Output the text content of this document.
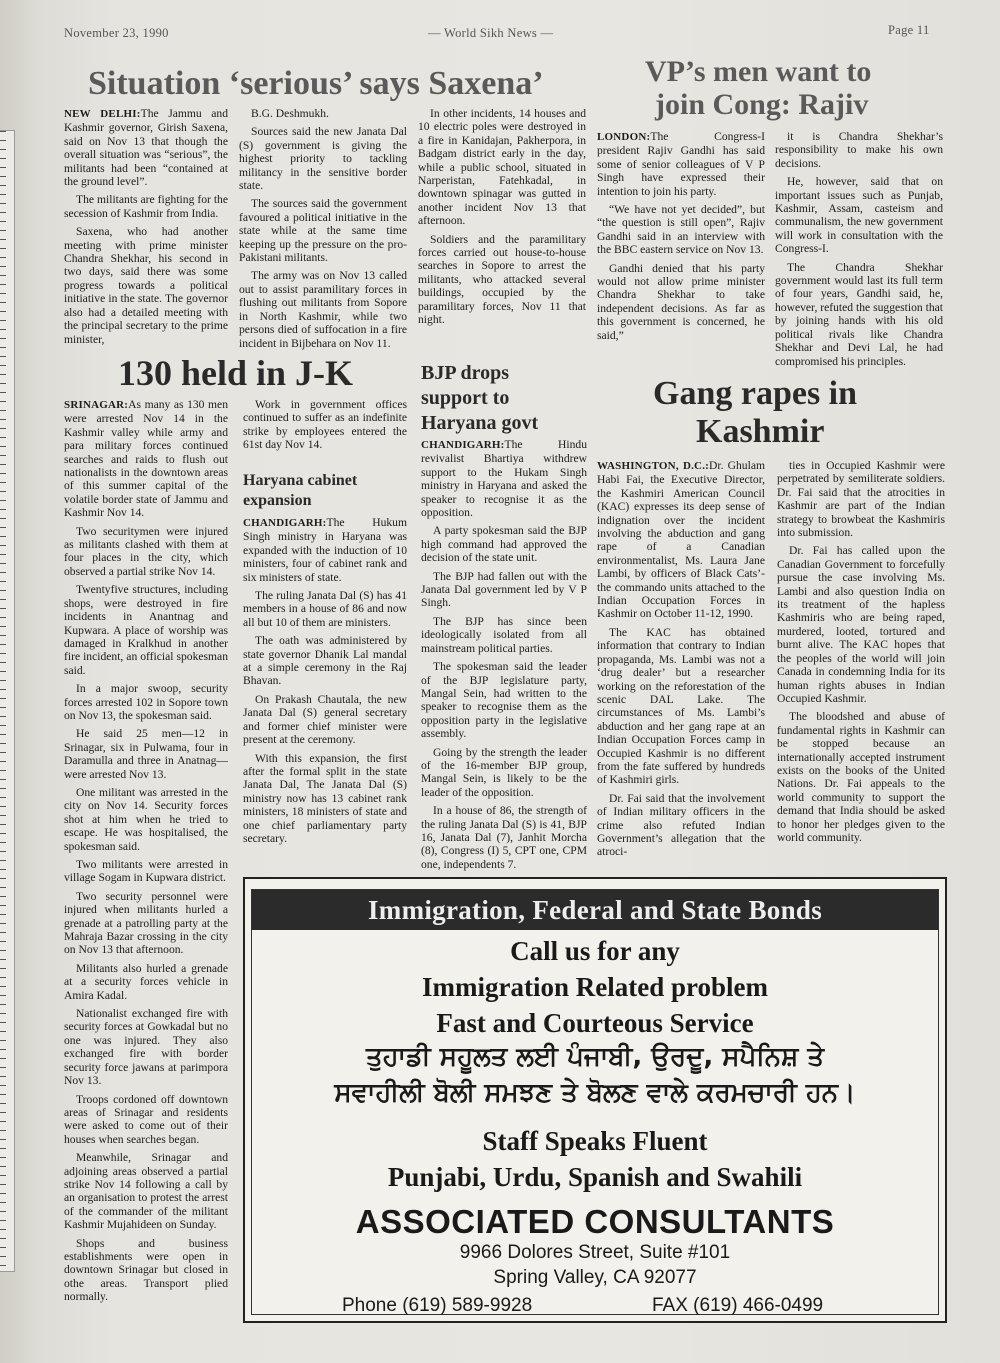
November 23, 1990	— World Sikh News —	Page 11
Situation ‘serious’ says Saxena’

NEW DELHI:The Jammu and Kashmir governor, Girish Saxena, said on Nov 13 that though the overall situation was “serious”, the militants had been “contained at the ground level”.

The militants are fighting for the secession of Kashmir from India.

Saxena, who had another meeting with prime minister Chandra Shekhar, his second in two days, said there was some progress towards a political initiative in the state. The governor also had a detailed meeting with the principal secretary to the prime minister,

B.G. Deshmukh.

Sources said the new Janata Dal (S) government is giving the highest priority to tackling militancy in the sensitive border state.

The sources said the government favoured a political initiative in the state while at the same time keeping up the pressure on the pro-Pakistani militants.

The army was on Nov 13 called out to assist paramilitary forces in flushing out militants from Sopore in North Kashmir, while two persons died of suffocation in a fire incident in Bijbehara on Nov 11.

In other incidents, 14 houses and 10 electric poles were destroyed in a fire in Kanidajan, Pakherpora, in Badgam district early in the day, while a public school, situated in Narperistan, Fatehkadal, in downtown spinagar was gutted in another incident Nov 13 that afternoon.

Soldiers and the paramilitary forces carried out house-to-house searches in Sopore to arrest the militants, who attacked several buildings, occupied by the paramilitary forces, Nov 11 that night.

VP’s men want to
join Cong: Rajiv

LONDON:The Congress-I president Rajiv Gandhi has said some of senior colleagues of V P Singh have expressed their intention to join his party.

“We have not yet decided”, but “the question is still open”, Rajiv Gandhi said in an interview with the BBC eastern service on Nov 13.

Gandhi denied that his party would not allow prime minister Chandra Shekhar to take independent decisions. As far as this government is concerned, he said,”

it is Chandra Shekhar’s responsibility to make his own decisions.

He, however, said that on important issues such as Punjab, Kashmir, Assam, casteism and communalism, the new government will work in consultation with the Congress-I.

The Chandra Shekhar government would last its full term of four years, Gandhi said, he, however, refuted the suggestion that by joining hands with his old political rivals like Chandra Shekhar and Devi Lal, he had compromised his principles.

130 held in J-K

SRINAGAR:As many as 130 men were arrested Nov 14 in the Kashmir valley while army and para military forces continued searches and raids to flush out nationalists in the downtown areas of this summer capital of the volatile border state of Jammu and Kashmir Nov 14.

Two securitymen were injured as militants clashed with them at four places in the city, which observed a partial strike Nov 14.

Twentyfive structures, including shops, were destroyed in fire incidents in Anantnag and Kupwara. A place of worship was damaged in Kralkhud in another fire incident, an official spokesman said.

In a major swoop, security forces arrested 102 in Sopore town on Nov 13, the spokesman said.

He said 25 men—12 in Srinagar, six in Pulwama, four in Daramulla and three in Anatnag—were arrested Nov 13.

One militant was arrested in the city on Nov 14. Security forces shot at him when he tried to escape. He was hospitalised, the spokesman said.

Two militants were arrested in village Sogam in Kupwara district.

Two security personnel were injured when militants hurled a grenade at a patrolling party at the Mahraja Bazar crossing in the city on Nov 13 that afternoon.

Militants also hurled a grenade at a security forces vehicle in Amira Kadal.

Nationalist exchanged fire with security forces at Gowkadal but no one was injured. They also exchanged fire with border security force jawans at parimpora Nov 13.

Troops cordoned off downtown areas of Srinagar and residents were asked to come out of their houses when searches began.

Meanwhile, Srinagar and adjoining areas observed a partial strike Nov 14 following a call by an organisation to protest the arrest of the commander of the militant Kashmir Mujahideen on Sunday.

Shops and business establishments were open in downtown Srinagar but closed in othe areas. Transport plied normally.

Work in government offices continued to suffer as an indefinite strike by employees entered the 61st day Nov 14.

Haryana cabinet
expansion

CHANDIGARH:The Hukum Singh ministry in Haryana was expanded with the induction of 10 ministers, four of cabinet rank and six ministers of state.

The ruling Janata Dal (S) has 41 members in a house of 86 and now all but 10 of them are ministers.

The oath was administered by state governor Dhanik Lal mandal at a simple ceremony in the Raj Bhavan.

On Prakash Chautala, the new Janata Dal (S) general secretary and former chief minister were present at the ceremony.

With this expansion, the first after the formal split in the state Janata Dal, The Janata Dal (S) ministry now has 13 cabinet rank ministers, 18 ministers of state and one chief parliamentary party secretary.

BJP drops
support to
Haryana govt

CHANDIGARH:The Hindu revivalist Bhartiya withdrew support to the Hukam Singh ministry in Haryana and asked the speaker to recognise it as the opposition.

A party spokesman said the BJP high command had approved the decision of the state unit.

The BJP had fallen out with the Janata Dal government led by V P Singh.

The BJP has since been ideologically isolated from all mainstream political parties.

The spokesman said the leader of the BJP legislature party, Mangal Sein, had written to the speaker to recognise them as the opposition party in the legislative assembly.

Going by the strength the leader of the 16-member BJP group, Mangal Sein, is likely to be the leader of the opposition.

In a house of 86, the strength of the ruling Janata Dal (S) is 41, BJP 16, Janata Dal (7), Janhit Morcha (8), Congress (I) 5, CPT one, CPM one, independents 7.

Gang rapes in
Kashmir

WASHINGTON, D.C.:Dr. Ghulam Habi Fai, the Executive Director, the Kashmiri American Council (KAC) expresses its deep sense of indignation over the incident involving the abduction and gang rape of a Canadian environmentalist, Ms. Laura Jane Lambi, by officers of Black Cats’-the commando units attached to the Indian Occupation Forces in Kashmir on October 11-12, 1990.

The KAC has obtained information that contrary to Indian propaganda, Ms. Lambi was not a ‘drug dealer’ but a researcher working on the reforestation of the scenic DAL Lake. The circumstances of Ms. Lambi’s abduction and her gang rape at an Indian Occupation Forces camp in Occupied Kashmir is no different from the fate suffered by hundreds of Kashmiri girls.

Dr. Fai said that the involvement of Indian military officers in the crime also refuted Indian Government’s allegation that the atroci-

ties in Occupied Kashmir were perpetrated by semiliterate soldiers. Dr. Fai said that the atrocities in Kashmir are part of the Indian strategy to browbeat the Kashmiris into submission.

Dr. Fai has called upon the Canadian Government to forcefully pursue the case involving Ms. Lambi and also question India on its treatment of the hapless Kashmiris who are being raped, murdered, looted, tortured and burnt alive. The KAC hopes that the peoples of the world will join Canada in condemning India for its human rights abuses in Indian Occupied Kashmir.

The bloodshed and abuse of fundamental rights in Kashmir can be stopped because an internationally accepted instrument exists on the books of the United Nations. Dr. Fai appeals to the world community to support the demand that India should be asked to honor her pledges given to the world community.

Immigration, Federal and State Bonds
Call us for any
Immigration Related problem
Fast and Courteous Service
ਤੁਹਾਡੀ ਸਹੂਲਤ ਲਈ ਪੰਜਾਬੀ, ਉਰਦੂ, ਸਪੈਨਿਸ਼ ਤੇ
ਸਵਾਹੀਲੀ ਬੋਲੀ ਸਮਝਣ ਤੇ ਬੋਲਣ ਵਾਲੇ ਕਰਮਚਾਰੀ ਹਨ।
Staff Speaks Fluent
Punjabi, Urdu, Spanish and Swahili
ASSOCIATED CONSULTANTS
9966 Dolores Street, Suite #101
Spring Valley, CA 92077
Phone (619) 589-9928	FAX (619) 466-0499
